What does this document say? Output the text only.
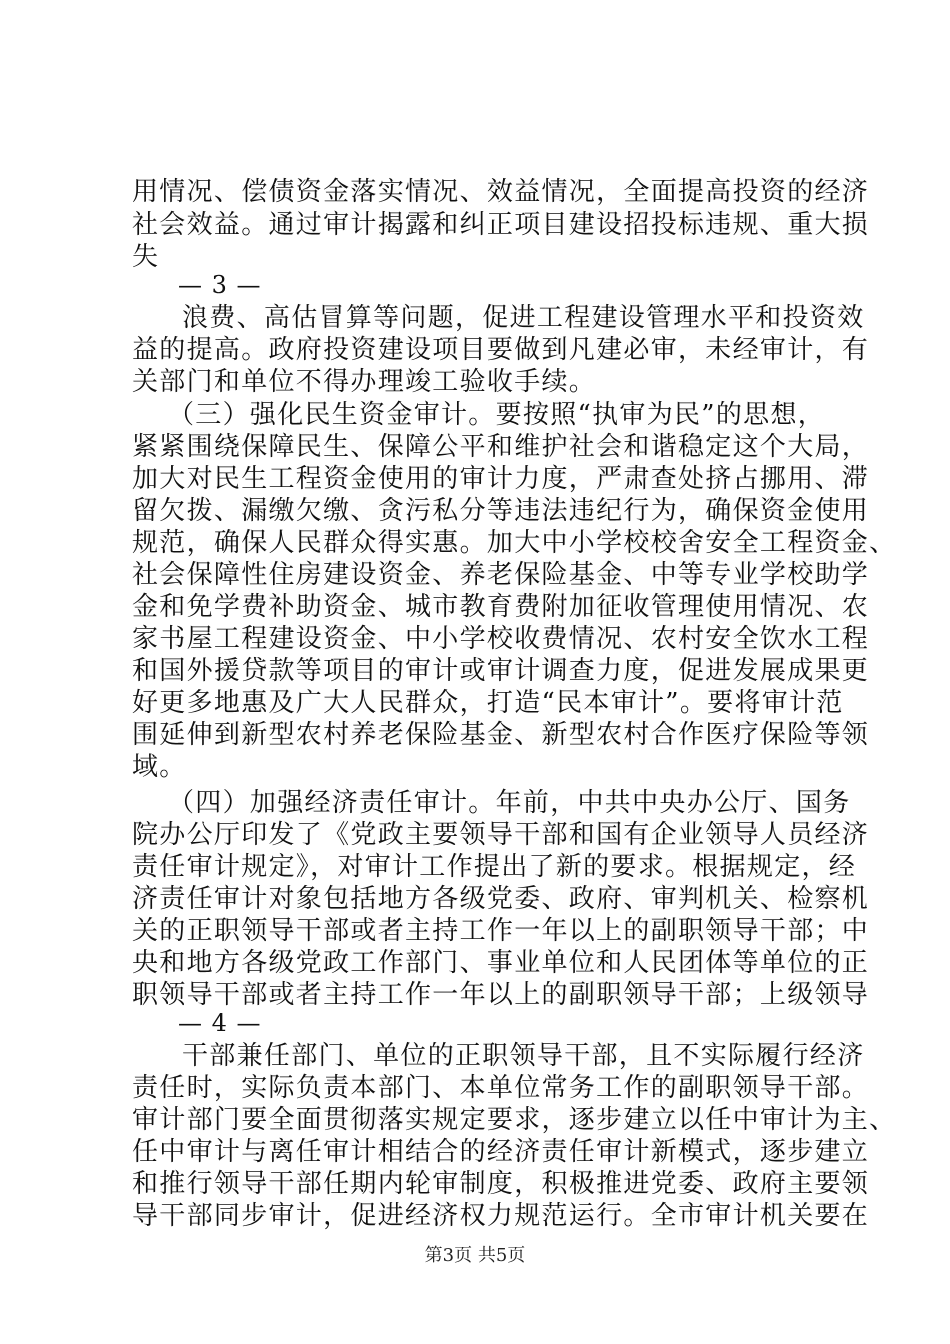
用情况、偿债资金落实情况、效益情况，全面提高投资的经济
社会效益。通过审计揭露和纠正项目建设招投标违规、重大损
失
— 3 —
浪费、高估冒算等问题，促进工程建设管理水平和投资效
益的提高。政府投资建设项目要做到凡建必审，未经审计，有
关部门和单位不得办理竣工验收手续。
（三）强化民生资金审计。要按照“执审为民”的思想，
紧紧围绕保障民生、保障公平和维护社会和谐稳定这个大局，
加大对民生工程资金使用的审计力度，严肃查处挤占挪用、滞
留欠拨、漏缴欠缴、贪污私分等违法违纪行为，确保资金使用
规范，确保人民群众得实惠。加大中小学校校舍安全工程资金、
社会保障性住房建设资金、养老保险基金、中等专业学校助学
金和免学费补助资金、城市教育费附加征收管理使用情况、农
家书屋工程建设资金、中小学校收费情况、农村安全饮水工程
和国外援贷款等项目的审计或审计调查力度，促进发展成果更
好更多地惠及广大人民群众，打造“民本审计”。要将审计范
围延伸到新型农村养老保险基金、新型农村合作医疗保险等领
域。
（四）加强经济责任审计。年前，中共中央办公厅、国务
院办公厅印发了《党政主要领导干部和国有企业领导人员经济
责任审计规定》，对审计工作提出了新的要求。根据规定，经
济责任审计对象包括地方各级党委、政府、审判机关、检察机
关的正职领导干部或者主持工作一年以上的副职领导干部；中
央和地方各级党政工作部门、事业单位和人民团体等单位的正
职领导干部或者主持工作一年以上的副职领导干部；上级领导
— 4 —
干部兼任部门、单位的正职领导干部，且不实际履行经济
责任时，实际负责本部门、本单位常务工作的副职领导干部。
审计部门要全面贯彻落实规定要求，逐步建立以任中审计为主、
任中审计与离任审计相结合的经济责任审计新模式，逐步建立
和推行领导干部任期内轮审制度，积极推进党委、政府主要领
导干部同步审计，促进经济权力规范运行。全市审计机关要在
第3页 共5页
